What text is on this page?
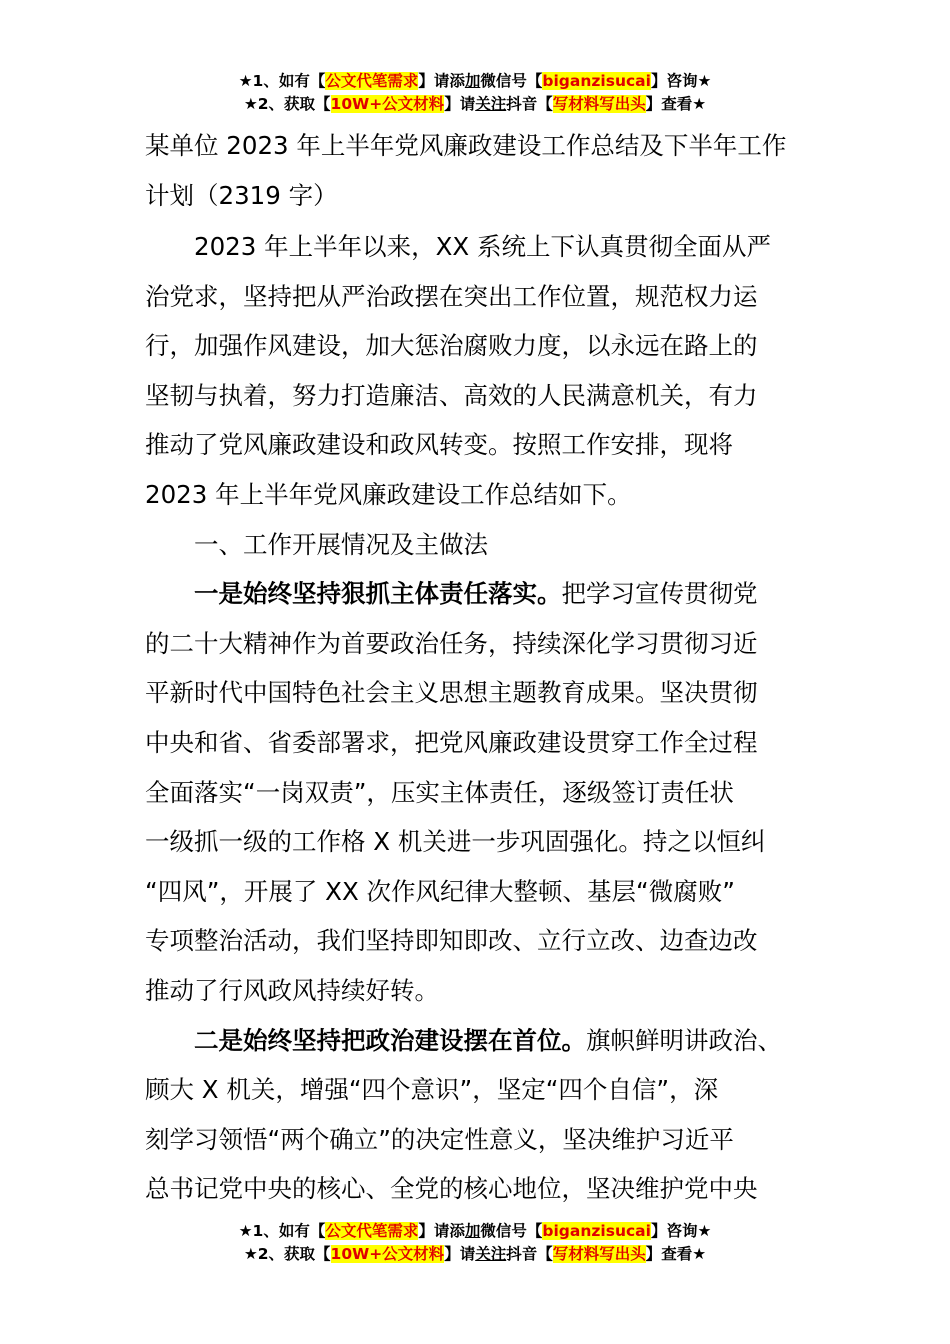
★1、如有【公文代笔需求】请添加微信号【biganzisucai】咨询★
★2、获取【10W+公文材料】请关注抖音【写材料写出头】查看★
某单位 2023 年上半年党风廉政建设工作总结及下半年工作
计划（2319 字）
　　2023 年上半年以来，XX 系统上下认真贯彻全面从严
治党求，坚持把从严治政摆在突出工作位置，规范权力运
行，加强作风建设，加大惩治腐败力度，以永远在路上的
坚韧与执着，努力打造廉洁、高效的人民满意机关，有力
推动了党风廉政建设和政风转变。按照工作安排，现将
2023 年上半年党风廉政建设工作总结如下。
　　一、工作开展情况及主做法
　　一是始终坚持狠抓主体责任落实。把学习宣传贯彻党
的二十大精神作为首要政治任务，持续深化学习贯彻习近
平新时代中国特色社会主义思想主题教育成果。坚决贯彻
中央和省、省委部署求，把党风廉政建设贯穿工作全过程
全面落实“一岗双责”，压实主体责任，逐级签订责任状
一级抓一级的工作格 X 机关进一步巩固强化。持之以恒纠
“四风”，开展了 XX 次作风纪律大整顿、基层“微腐败”
专项整治活动，我们坚持即知即改、立行立改、边查边改
推动了行风政风持续好转。
　　二是始终坚持把政治建设摆在首位。旗帜鲜明讲政治、
顾大 X 机关，增强“四个意识”，坚定“四个自信”，深
刻学习领悟“两个确立”的决定性意义，坚决维护习近平
总书记党中央的核心、全党的核心地位，坚决维护党中央
★1、如有【公文代笔需求】请添加微信号【biganzisucai】咨询★
★2、获取【10W+公文材料】请关注抖音【写材料写出头】查看★
